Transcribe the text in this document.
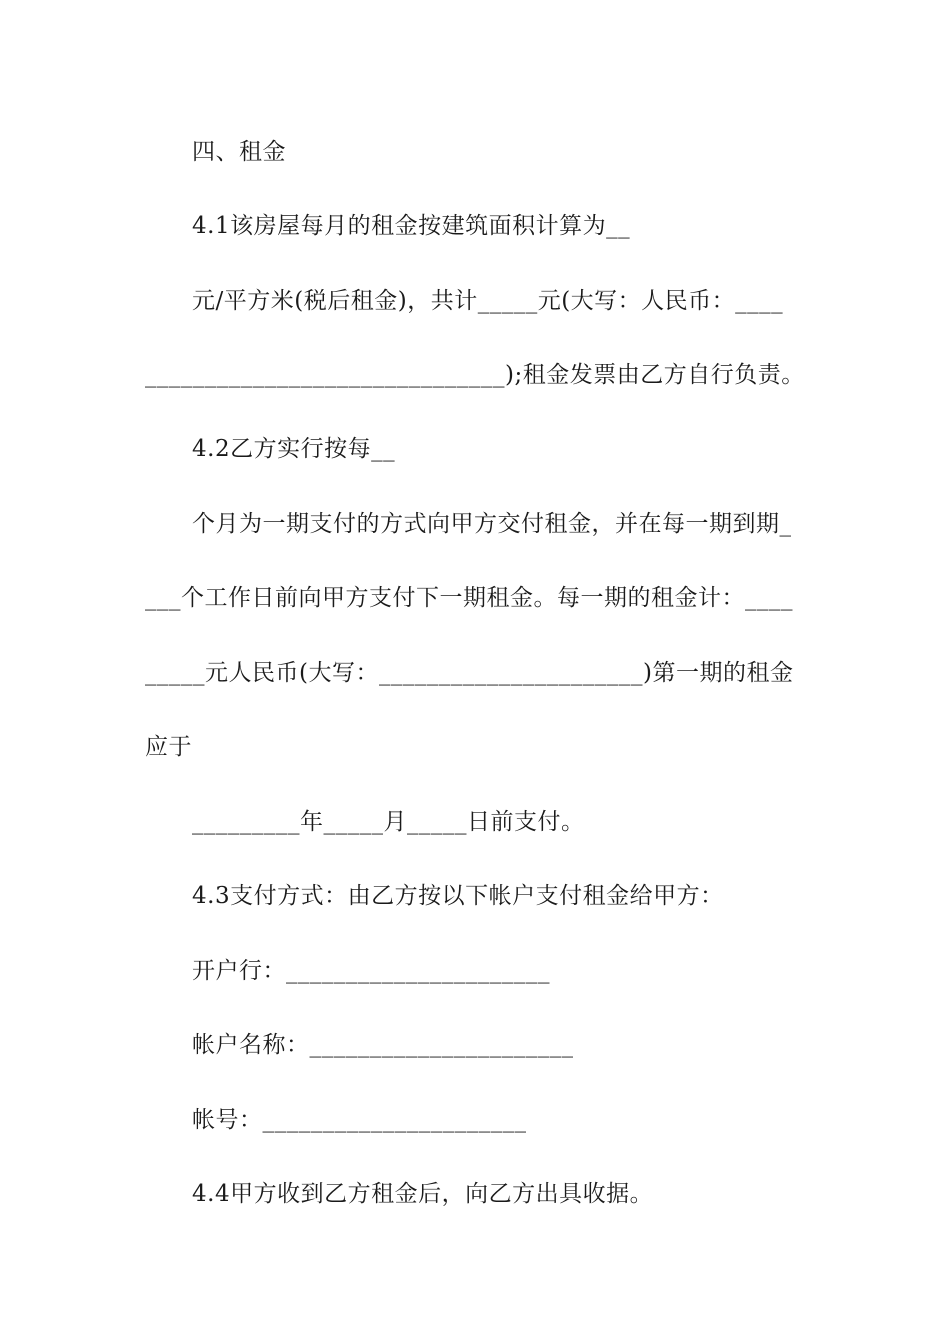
四、租金
4.1该房屋每月的租金按建筑面积计算为__
元/平方米(税后租金)，共计_____元(大写：人民币：____
______________________________);租金发票由乙方自行负责。
4.2乙方实行按每__
个月为一期支付的方式向甲方交付租金，并在每一期到期_
___个工作日前向甲方支付下一期租金。每一期的租金计：____
_____元人民币(大写：______________________)第一期的租金
应于
_________年_____月_____日前支付。
4.3支付方式：由乙方按以下帐户支付租金给甲方：
开户行：______________________
帐户名称：______________________
帐号：______________________
4.4甲方收到乙方租金后，向乙方出具收据。
